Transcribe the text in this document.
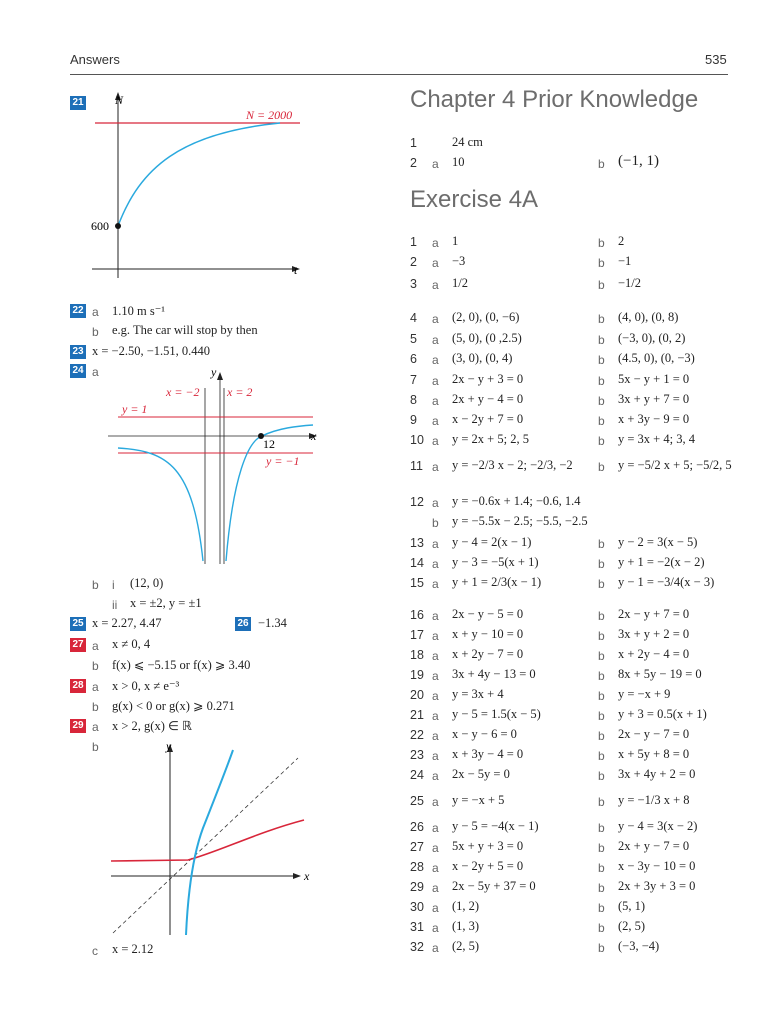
Answers	535
21	N
t
N = 2000
600
22 a 1.10 m s⁻¹
b e.g. The car will stop by then
23 x = −2.50, −1.51, 0.440
24 a
x
y
x = −2 x = 2
y = 1
y = −1
12
b i (12, 0)
ii x = ±2, y = ±1
25 x = 2.27, 4.47	26 −1.34
27 a x ≠ 0, 4
b f(x) ⩽ −5.15 or f(x) ⩾ 3.40
28 a x > 0, x ≠ e⁻³
b g(x) < 0 or g(x) ⩾ 0.271
29 a x > 2, g(x) ∈ ℝ
b
x
y
c x = 2.12
Chapter 4 Prior Knowledge
1	24 cm
2 a 10	b (−1, 1)
Exercise 4A
1 a 1	b 2
2 a −3	b −1
3 a 1/2	b −1/2
4 a (2, 0), (0, −6)	b (4, 0), (0, 8)
5 a (5, 0), (0 ,2.5)	b (−3, 0), (0, 2)
6 a (3, 0), (0, 4)	b (4.5, 0), (0, −3)
7 a 2x − y + 3 = 0	b 5x − y + 1 = 0
8 a 2x + y − 4 = 0	b 3x + y + 7 = 0
9 a x − 2y + 7 = 0	b x + 3y − 9 = 0
10 a y = 2x + 5; 2, 5	b y = 3x + 4; 3, 4
11 a y = −2/3 x − 2; −2/3, −2 b y = −5/2 x + 5; −5/2, 5
12 a y = −0.6x + 1.4; −0.6, 1.4
b y = −5.5x − 2.5; −5.5, −2.5
13 a y − 4 = 2(x − 1)	b y − 2 = 3(x − 5)
14 a y − 3 = −5(x + 1)	b y + 1 = −2(x − 2)
15 a y + 1 = 2/3(x − 1)	b y − 1 = −3/4(x − 3)
16 a 2x − y − 5 = 0	b 2x − y + 7 = 0
17 a x + y − 10 = 0	b 3x + y + 2 = 0
18 a x + 2y − 7 = 0	b x + 2y − 4 = 0
19 a 3x + 4y − 13 = 0	b 8x + 5y − 19 = 0
20 a y = 3x + 4	b y = −x + 9
21 a y − 5 = 1.5(x − 5)	b y + 3 = 0.5(x + 1)
22 a x − y − 6 = 0	b 2x − y − 7 = 0
23 a x + 3y − 4 = 0	b x + 5y + 8 = 0
24 a 2x − 5y = 0	b 3x + 4y + 2 = 0
25 a y = −x + 5	b y = −1/3 x + 8
26 a y − 5 = −4(x − 1)	b y − 4 = 3(x − 2)
27 a 5x + y + 3 = 0	b 2x + y − 7 = 0
28 a x − 2y + 5 = 0	b x − 3y − 10 = 0
29 a 2x − 5y + 37 = 0	b 2x + 3y + 3 = 0
30 a (1, 2)	b (5, 1)
31 a (1, 3)	b (2, 5)
32 a (2, 5)	b (−3, −4)
